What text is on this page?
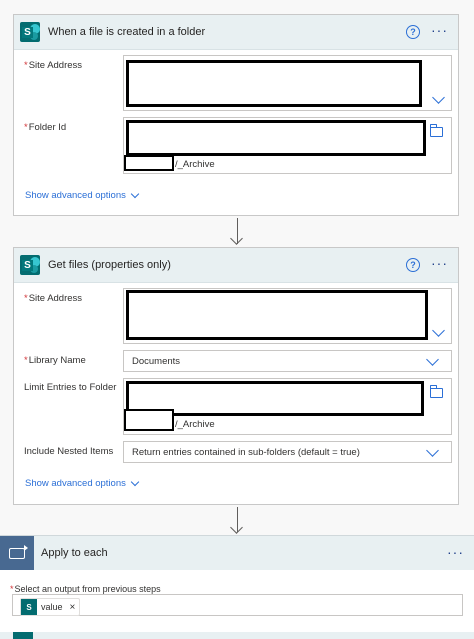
S When a file is created in a folder	?	···
*Site Address
*Folder Id
/_Archive
Show advanced options
S Get files (properties only)	?	···
*Site Address
*Library Name	Documents
Limit Entries to Folder
/_Archive
Include Nested Items Return entries contained in sub-folders (default = true)
Show advanced options
Apply to each	···
*Select an output from previous steps
S	value ×
